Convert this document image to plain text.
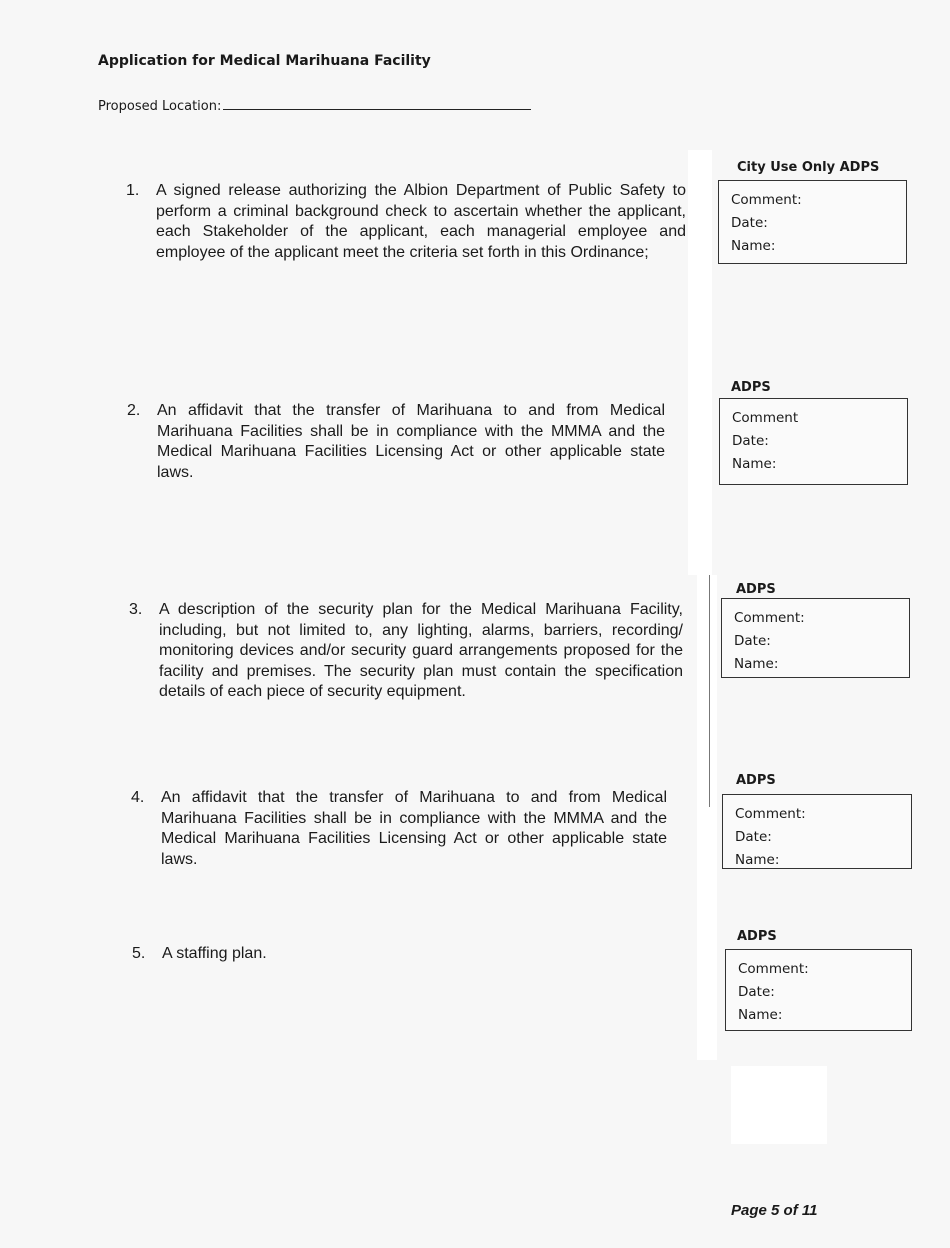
Application for Medical Marihuana Facility
Proposed Location:
1. A signed release authorizing the Albion Department of Public Safety to perform a criminal background check to ascertain whether the applicant, each Stakeholder of the applicant, each managerial employee and employee of the applicant meet the criteria set forth in this Ordinance;
2. An affidavit that the transfer of Marihuana to and from Medical Marihuana Facilities shall be in compliance with the MMMA and the Medical Marihuana Facilities Licensing Act or other applicable state laws.
3. A description of the security plan for the Medical Marihuana Facility, including, but not limited to, any lighting, alarms, barriers, recording/ monitoring devices and/or security guard arrangements proposed for the facility and premises. The security plan must contain the specification details of each piece of security equipment.
4. An affidavit that the transfer of Marihuana to and from Medical Marihuana Facilities shall be in compliance with the MMMA and the Medical Marihuana Facilities Licensing Act or other applicable state laws.
5. A staffing plan.
City Use Only ADPS
Comment:
Date:
Name:
ADPS
Comment
Date:
Name:
ADPS
Comment:
Date:
Name:
ADPS
Comment:
Date:
Name:
ADPS
Comment:
Date:
Name:
Page 5 of 11
